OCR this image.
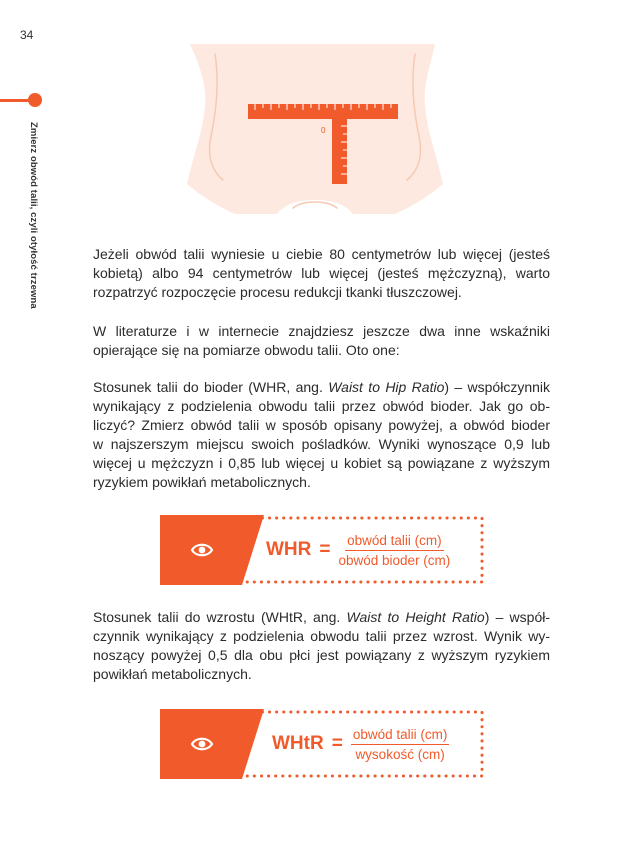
34
Zmierz obwód talii, czyli otyłość trzewna	0
Jeżeli obwód talii wyniesie u ciebie 80 centymetrów lub więcej (jesteś
kobietą) albo 94 centymetrów lub więcej (jesteś mężczyzną), warto
rozpatrzyć rozpoczęcie procesu redukcji tkanki tłuszczowej.
W literaturze i w internecie znajdziesz jeszcze dwa inne wskaźniki
opierające się na pomiarze obwodu talii. Oto one:
Stosunek talii do bioder (WHR, ang. Waist to Hip Ratio) – współczynnik
wynikający z podzielenia obwodu talii przez obwód bioder. Jak go ob-
liczyć? Zmierz obwód talii w sposób opisany powyżej, a obwód bioder
w najszerszym miejscu swoich pośladków. Wyniki wynoszące 0,9 lub
więcej u mężczyzn i 0,85 lub więcej u kobiet są powiązane z wyższym
ryzykiem powikłań metabolicznych.
WHR = $\frac{\text{obwód talii (cm)}}{\text{obwód bioder (cm)}}$
Stosunek talii do wzrostu (WHtR, ang. Waist to Height Ratio) – współ-
czynnik wynikający z podzielenia obwodu talii przez wzrost. Wynik wy-
noszący powyżej 0,5 dla obu płci jest powiązany z wyższym ryzykiem
powikłań metabolicznych.
WHtR = $\frac{\text{obwód talii (cm)}}{\text{wysokość (cm)}}$
